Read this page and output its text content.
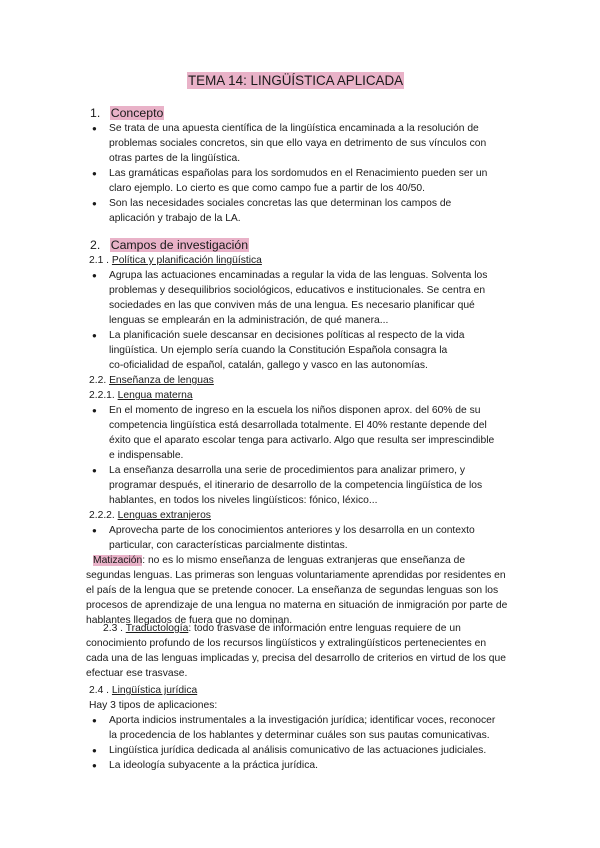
TEMA 14: LINGÜÍSTICA APLICADA
1. Concepto
● Se trata de una apuesta científica de la lingüística encaminada a la resolución de
problemas sociales concretos, sin que ello vaya en detrimento de sus vínculos con
otras partes de la lingüística.
● Las gramáticas españolas para los sordomudos en el Renacimiento pueden ser un
claro ejemplo. Lo cierto es que como campo fue a partir de los 40/50.
● Son las necesidades sociales concretas las que determinan los campos de
aplicación y trabajo de la LA.
2. Campos de investigación
2.1 . Política y planificación lingüística
● Agrupa las actuaciones encaminadas a regular la vida de las lenguas. Solventa los
problemas y desequilibrios sociológicos, educativos e institucionales. Se centra en
sociedades en las que conviven más de una lengua. Es necesario planificar qué
lenguas se emplearán en la administración, de qué manera...
● La planificación suele descansar en decisiones políticas al respecto de la vida
lingüística. Un ejemplo sería cuando la Constitución Española consagra la
co-oficialidad de español, catalán, gallego y vasco en las autonomías.
2.2. Enseñanza de lenguas
2.2.1. Lengua materna
● En el momento de ingreso en la escuela los niños disponen aprox. del 60% de su
competencia lingüística está desarrollada totalmente. El 40% restante depende del
éxito que el aparato escolar tenga para activarlo. Algo que resulta ser imprescindible
e indispensable.
● La enseñanza desarrolla una serie de procedimientos para analizar primero, y
programar después, el itinerario de desarrollo de la competencia lingüística de los
hablantes, en todos los niveles lingüísticos: fónico, léxico...
2.2.2. Lenguas extranjeros
● Aprovecha parte de los conocimientos anteriores y los desarrolla en un contexto
particular, con características parcialmente distintas.
Matización: no es lo mismo enseñanza de lenguas extranjeras que enseñanza de
segundas lenguas. Las primeras son lenguas voluntariamente aprendidas por residentes en
el país de la lengua que se pretende conocer. La enseñanza de segundas lenguas son los
procesos de aprendizaje de una lengua no materna en situación de inmigración por parte de
hablantes llegados de fuera que no dominan.
2.3 . Traductología: todo trasvase de información entre lenguas requiere de un
conocimiento profundo de los recursos lingüísticos y extralingüísticos pertenecientes en
cada una de las lenguas implicadas y, precisa del desarrollo de criterios en virtud de los que
efectuar ese trasvase.
2.4 . Lingüística jurídica
Hay 3 tipos de aplicaciones:
● Aporta indicios instrumentales a la investigación jurídica; identificar voces, reconocer
la procedencia de los hablantes y determinar cuáles son sus pautas comunicativas.
● Lingüística jurídica dedicada al análisis comunicativo de las actuaciones judiciales.
● La ideología subyacente a la práctica jurídica.
